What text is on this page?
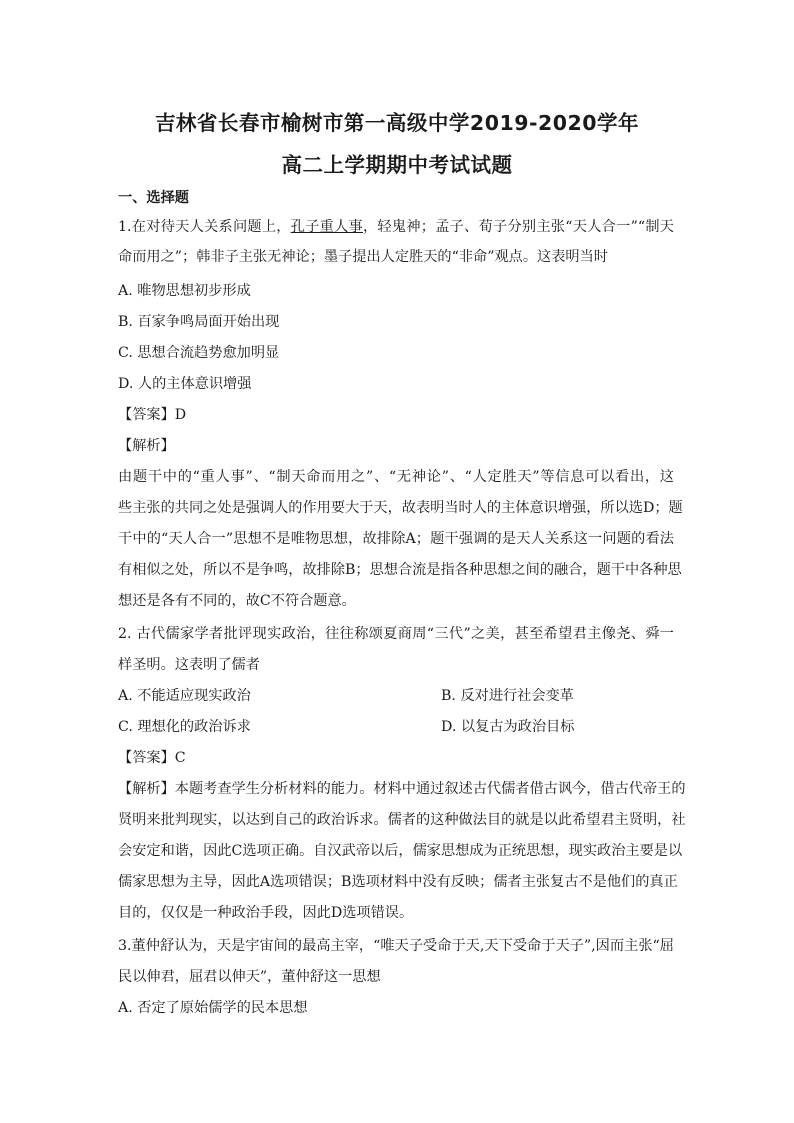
吉林省长春市榆树市第一高级中学2019-2020学年
高二上学期期中考试试题
一、选择题
1.在对待天人关系问题上，孔子重人事，轻鬼神；孟子、荀子分别主张“天人合一”“制天
命而用之”；韩非子主张无神论；墨子提出人定胜天的“非命”观点。这表明当时
A. 唯物思想初步形成
B. 百家争鸣局面开始出现
C. 思想合流趋势愈加明显
D. 人的主体意识增强
【答案】D
【解析】
由题干中的“重人事”、“制天命而用之”、“无神论”、“人定胜天”等信息可以看出，这
些主张的共同之处是强调人的作用要大于天，故表明当时人的主体意识增强，所以选D；题
干中的“天人合一”思想不是唯物思想，故排除A；题干强调的是天人关系这一问题的看法
有相似之处，所以不是争鸣，故排除B；思想合流是指各种思想之间的融合，题干中各种思
想还是各有不同的，故C不符合题意。
2. 古代儒家学者批评现实政治，往往称颂夏商周“三代”之美，甚至希望君主像尧、舜一
样圣明。这表明了儒者
A. 不能适应现实政治	B. 反对进行社会变革
C. 理想化的政治诉求	D. 以复古为政治目标
【答案】C
【解析】本题考查学生分析材料的能力。材料中通过叙述古代儒者借古讽今，借古代帝王的
贤明来批判现实，以达到自己的政治诉求。儒者的这种做法目的就是以此希望君主贤明，社
会安定和谐，因此C选项正确。自汉武帝以后，儒家思想成为正统思想，现实政治主要是以
儒家思想为主导，因此A选项错误；B选项材料中没有反映；儒者主张复古不是他们的真正
目的，仅仅是一种政治手段，因此D选项错误。
3.董仲舒认为，天是宇宙间的最高主宰，“唯天子受命于天,天下受命于天子”,因而主张“屈
民以伸君，屈君以伸天”，董仲舒这一思想
A. 否定了原始儒学的民本思想
